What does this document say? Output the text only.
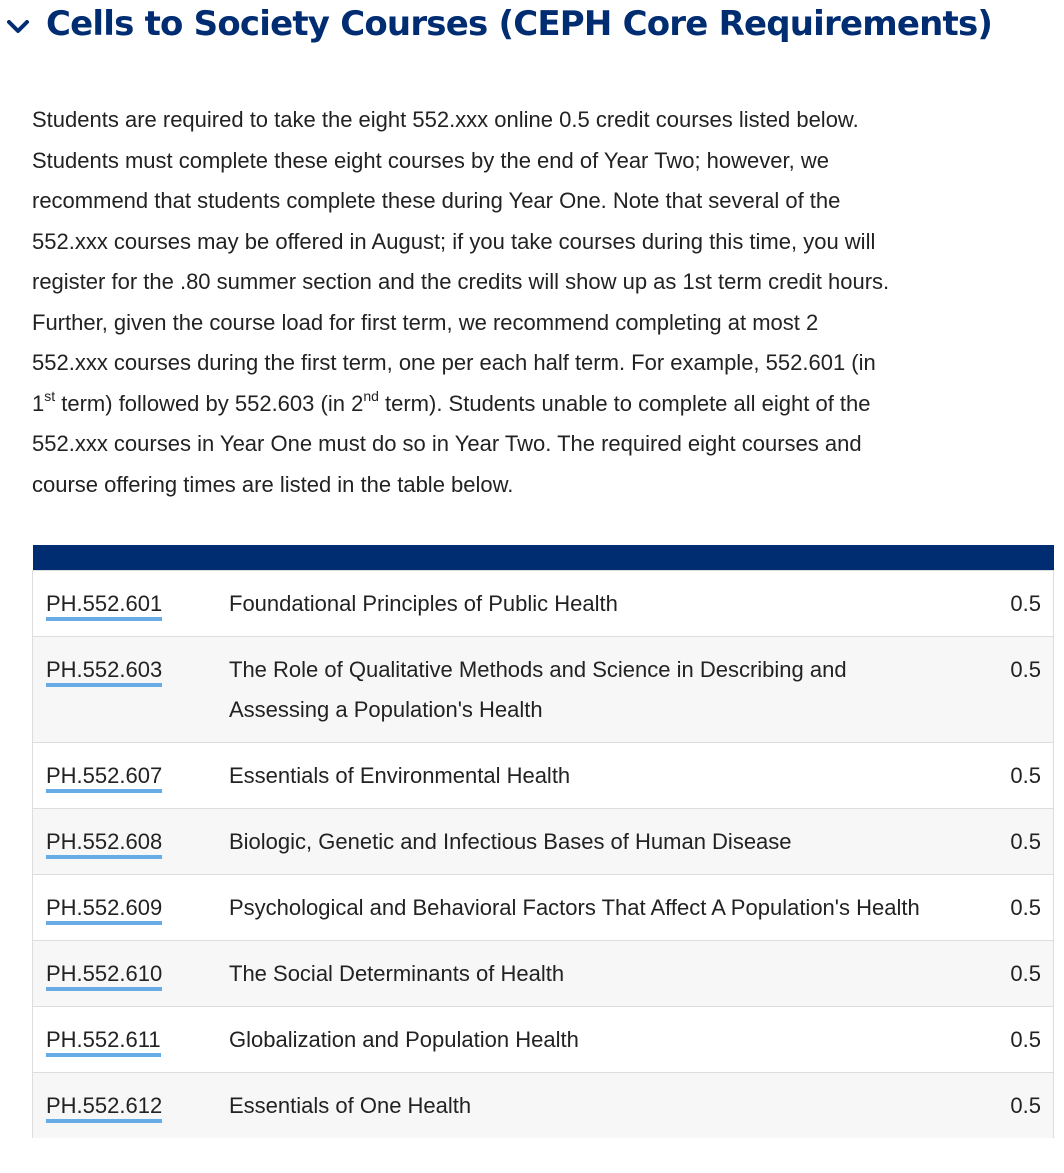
Cells to Society Courses (CEPH Core Requirements)

Students are required to take the eight 552.xxx online 0.5 credit courses listed below.
Students must complete these eight courses by the end of Year Two; however, we
recommend that students complete these during Year One. Note that several of the
552.xxx courses may be offered in August; if you take courses during this time, you will
register for the .80 summer section and the credits will show up as 1st term credit hours.
Further, given the course load for first term, we recommend completing at most 2
552.xxx courses during the first term, one per each half term. For example, 552.601 (in
1st term) followed by 552.603 (in 2nd term). Students unable to complete all eight of the
552.xxx courses in Year One must do so in Year Two. The required eight courses and
course offering times are listed in the table below.

PH.552.601	Foundational Principles of Public Health	0.5
PH.552.603	The Role of Qualitative Methods and Science in Describing and Assessing a Population's Health	0.5
PH.552.607	Essentials of Environmental Health	0.5
PH.552.608	Biologic, Genetic and Infectious Bases of Human Disease	0.5
PH.552.609	Psychological and Behavioral Factors That Affect A Population's Health	0.5
PH.552.610	The Social Determinants of Health	0.5
PH.552.611	Globalization and Population Health	0.5
PH.552.612	Essentials of One Health	0.5
